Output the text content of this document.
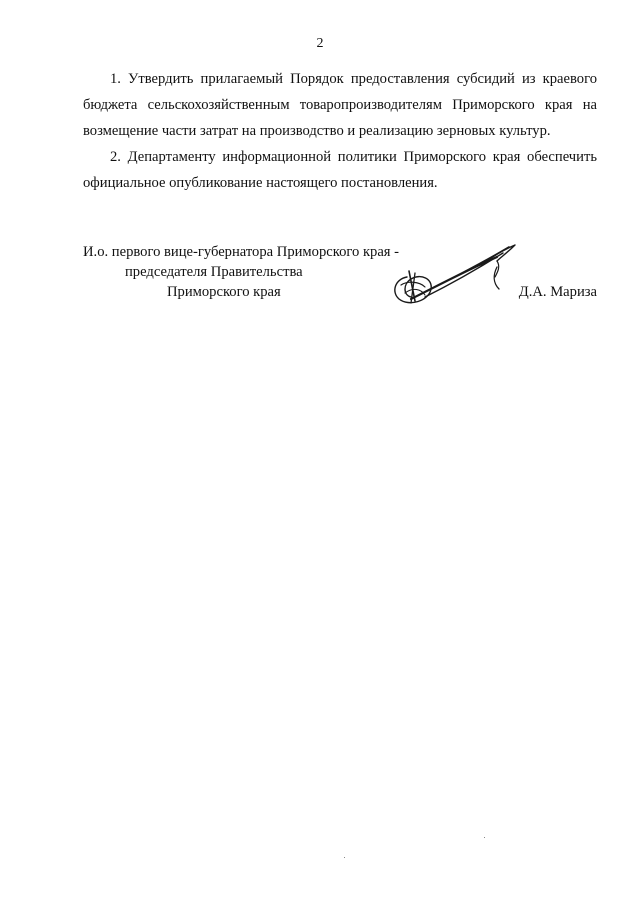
2

1. Утвердить прилагаемый Порядок предоставления субсидий из краевого бюджета сельскохозяйственным товаропроизводителям Приморского края на возмещение части затрат на производство и реализацию зерновых культур.

2. Департаменту информационной политики Приморского края обеспечить официальное опубликование настоящего постановления.

И.о. первого вице-губернатора Приморского края -
председателя Правительства
Приморского края	Д.А. Мариза
